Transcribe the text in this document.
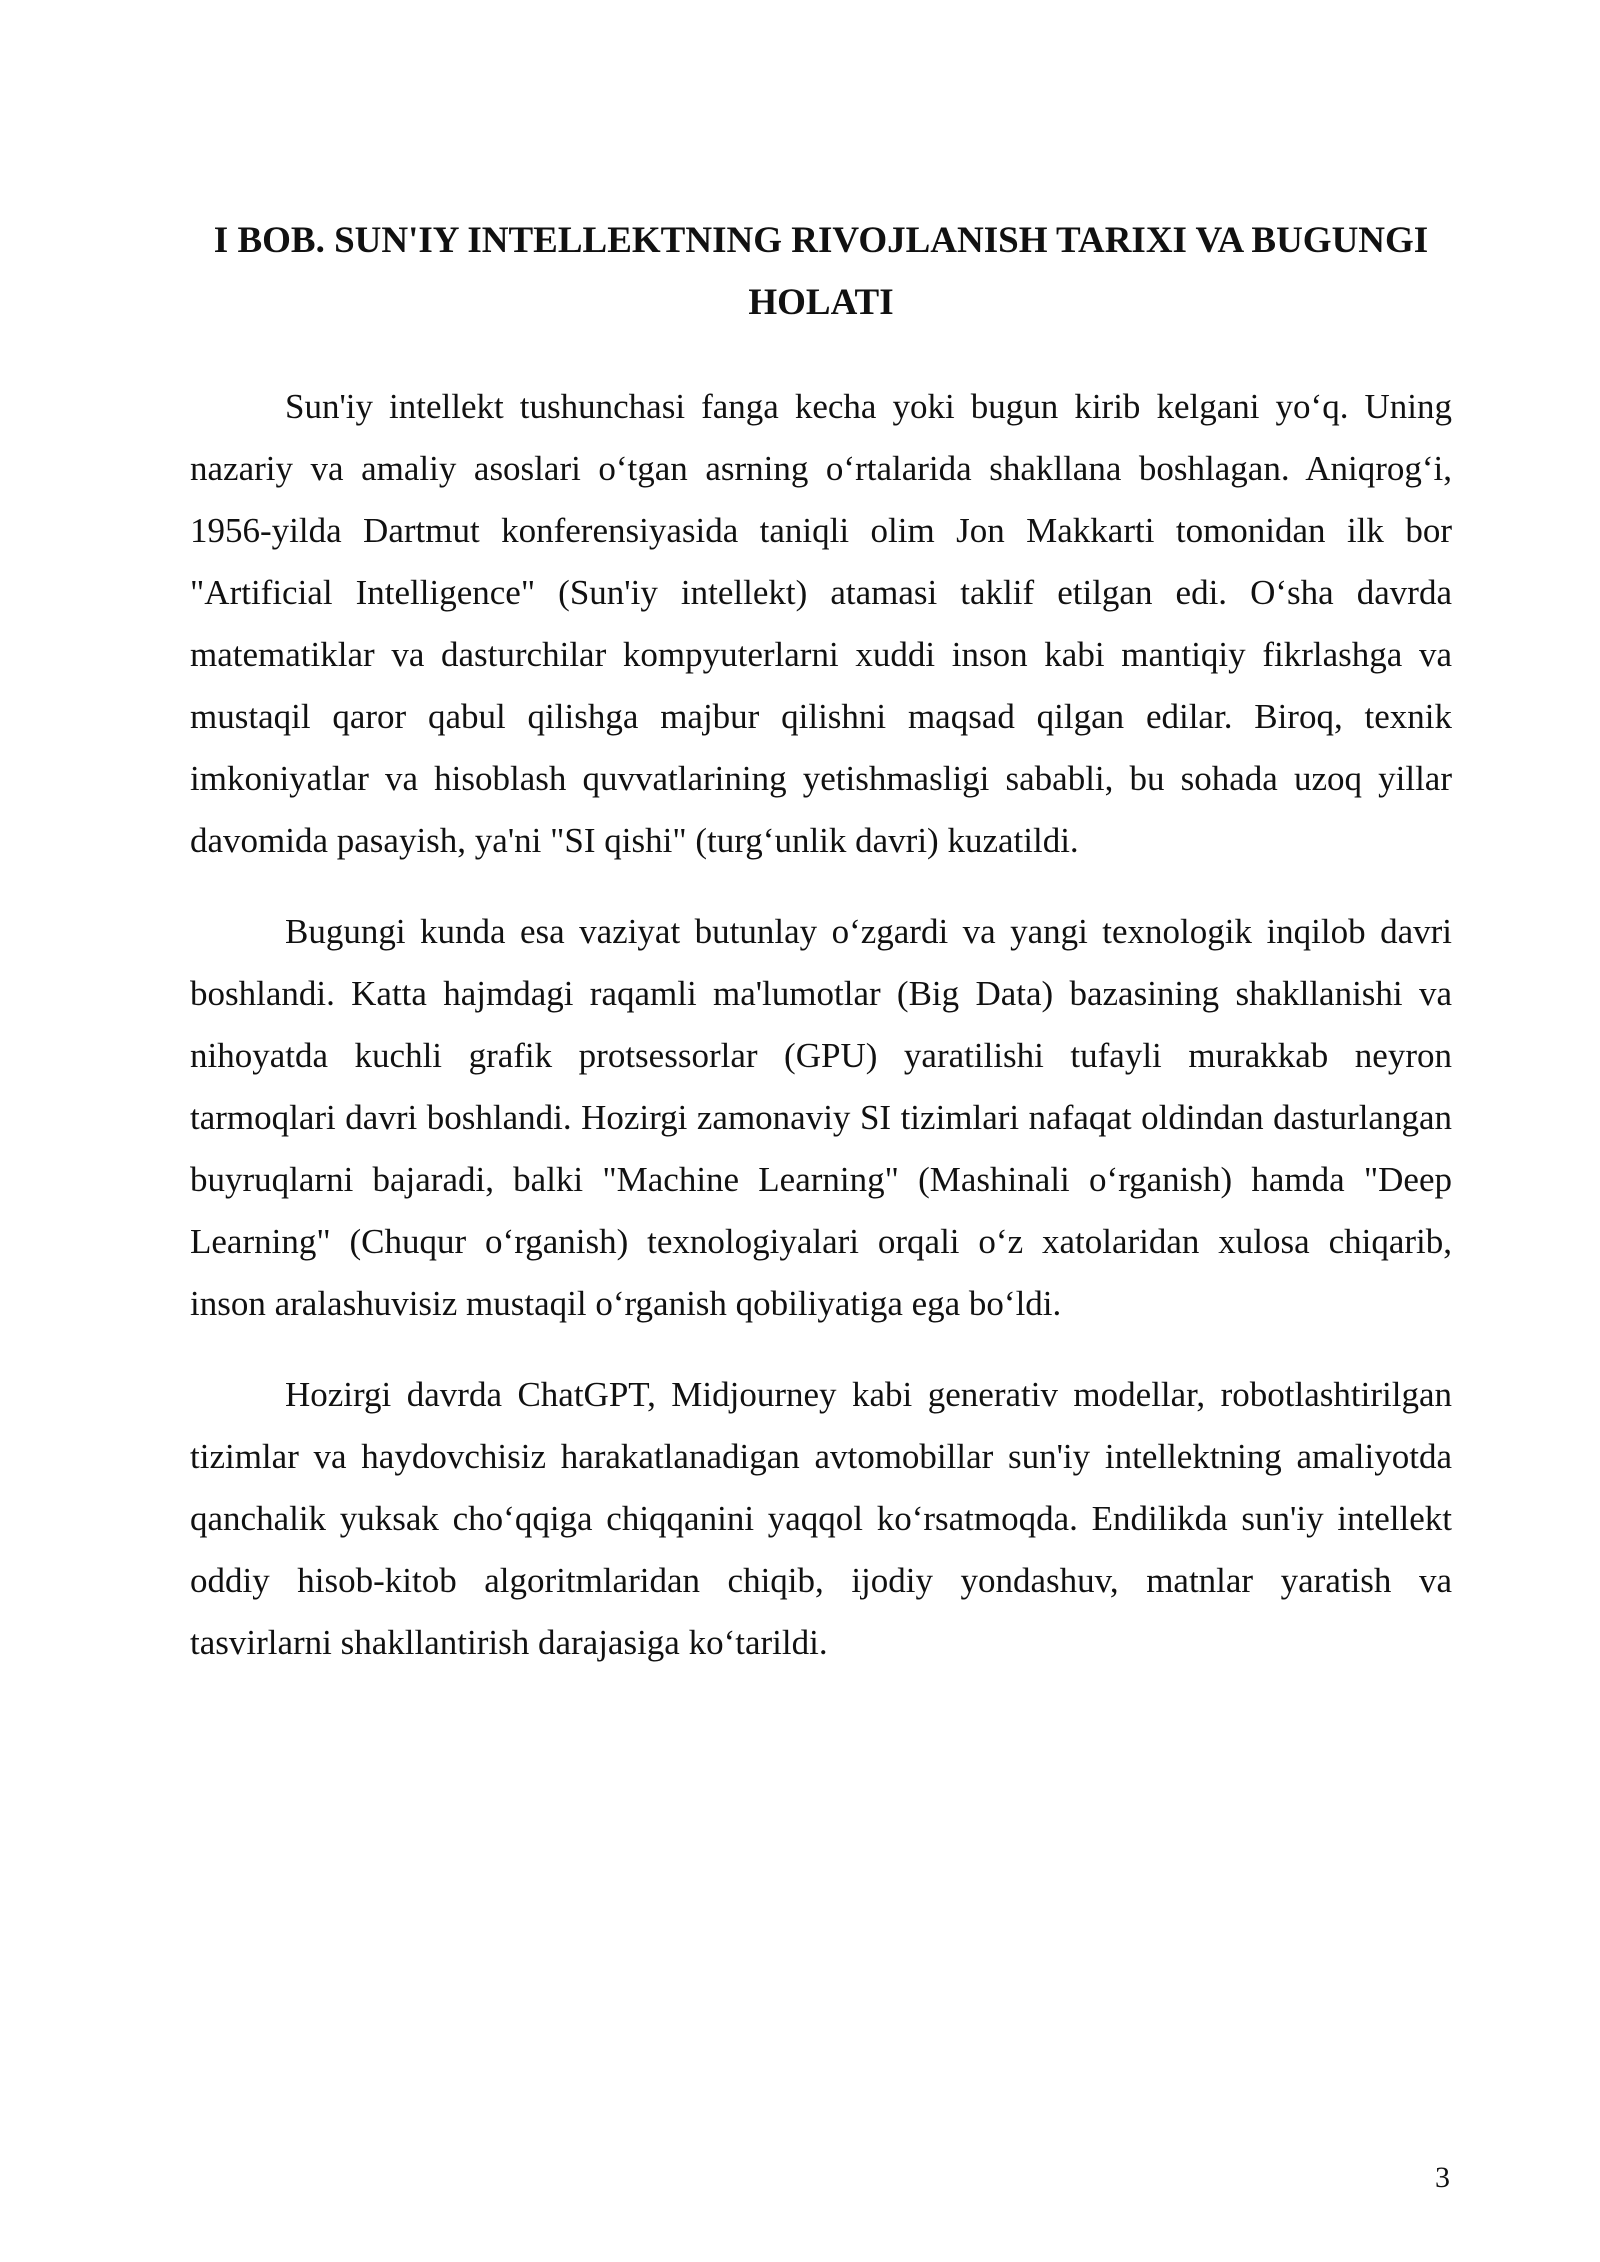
I BOB. SUN'IY INTELLEKTNING RIVOJLANISH TARIXI VA BUGUNGI HOLATI

Sun'iy intellekt tushunchasi fanga kecha yoki bugun kirib kelgani yo‘q. Uning nazariy va amaliy asoslari o‘tgan asrning o‘rtalarida shakllana boshlagan. Aniqrog‘i, 1956-yilda Dartmut konferensiyasida taniqli olim Jon Makkarti tomonidan ilk bor "Artificial Intelligence" (Sun'iy intellekt) atamasi taklif etilgan edi. O‘sha davrda matematiklar va dasturchilar kompyuterlarni xuddi inson kabi mantiqiy fikrlashga va mustaqil qaror qabul qilishga majbur qilishni maqsad qilgan edilar. Biroq, texnik imkoniyatlar va hisoblash quvvatlarining yetishmasligi sababli, bu sohada uzoq yillar davomida pasayish, ya'ni "SI qishi" (turg‘unlik davri) kuzatildi.

Bugungi kunda esa vaziyat butunlay o‘zgardi va yangi texnologik inqilob davri boshlandi. Katta hajmdagi raqamli ma'lumotlar (Big Data) bazasining shakllanishi va nihoyatda kuchli grafik protsessorlar (GPU) yaratilishi tufayli murakkab neyron tarmoqlari davri boshlandi. Hozirgi zamonaviy SI tizimlari nafaqat oldindan dasturlangan buyruqlarni bajaradi, balki "Machine Learning" (Mashinali o‘rganish) hamda "Deep Learning" (Chuqur o‘rganish) texnologiyalari orqali o‘z xatolaridan xulosa chiqarib, inson aralashuvisiz mustaqil o‘rganish qobiliyatiga ega bo‘ldi.

Hozirgi davrda ChatGPT, Midjourney kabi generativ modellar, robotlashtirilgan tizimlar va haydovchisiz harakatlanadigan avtomobillar sun'iy intellektning amaliyotda qanchalik yuksak cho‘qqiga chiqqanini yaqqol ko‘rsatmoqda. Endilikda sun'iy intellekt oddiy hisob-kitob algoritmlaridan chiqib, ijodiy yondashuv, matnlar yaratish va tasvirlarni shakllantirish darajasiga ko‘tarildi.

3
